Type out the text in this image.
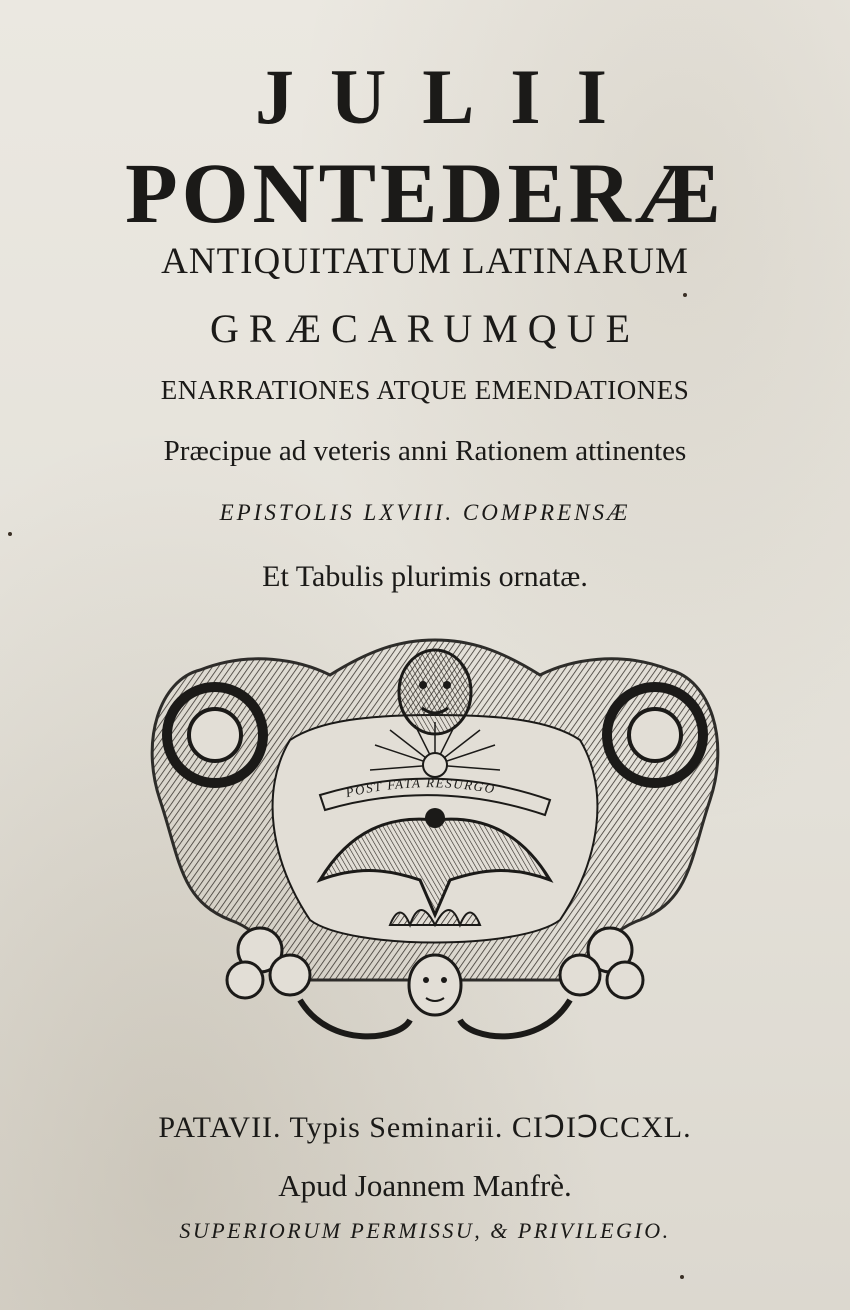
JULII
PONTEDERÆ
ANTIQUITATUM LATINARUM
GRÆCARUMQUE
ENARRATIONES ATQUE EMENDATIONES
Præcipue ad veteris anni Rationem attinentes
EPISTOLIS LXVIII. COMPRENSÆ
Et Tabulis plurimis ornatæ.
POST FATA RESURGO
PATAVII. Typis Seminarii. CIↃIↃCCXL.
Apud Joannem Manfrè.
SUPERIORUM PERMISSU, & PRIVILEGIO.
